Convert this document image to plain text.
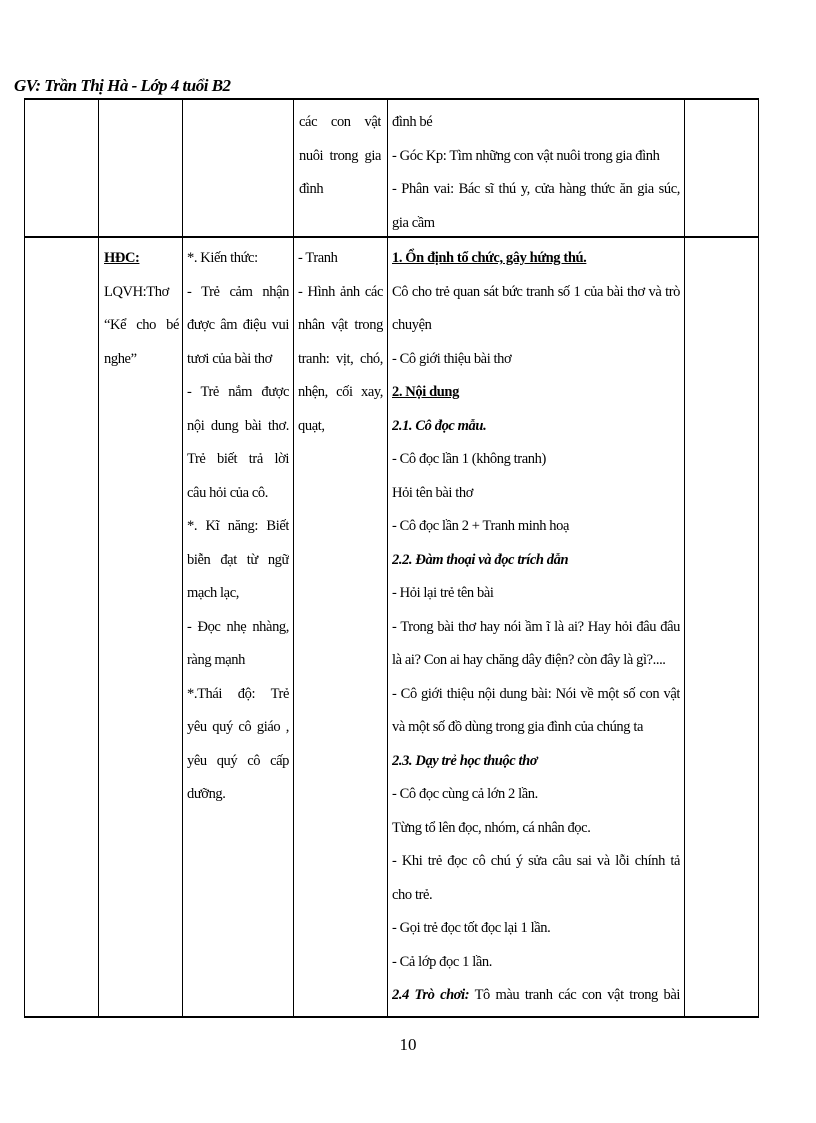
GV: Trần Thị Hà - Lớp 4 tuổi B2
các con vật
nuôi trong gia
đình
đình bé
- Góc Kp: Tìm những con vật nuôi trong gia đình
- Phân vai: Bác sĩ thú y, cửa hàng thức ăn gia súc,
gia cầm
HĐC:
LQVH:Thơ
“Kể cho bé
nghe”
*. Kiến thức:
- Trẻ cảm nhận
được âm điệu vui
tươi của bài thơ
- Trẻ nắm được
nội dung bài thơ.
Trẻ biết trả lời
câu hỏi của cô.
*. Kĩ năng: Biết
biễn đạt từ ngữ
mạch lạc,
- Đọc nhẹ nhàng,
ràng mạnh
*.Thái độ: Trẻ
yêu quý cô giáo ,
yêu quý cô cấp
dưỡng.
- Tranh
- Hình ảnh các
nhân vật trong
tranh: vịt, chó,
nhện, cối xay,
quạt,
1. Ổn định tổ chức, gây hứng thú.
Cô cho trẻ quan sát bức tranh số 1 của bài thơ và trò
chuyện
- Cô giới thiệu bài thơ
2. Nội dung
2.1. Cô đọc mẫu.
- Cô đọc lần 1 (không tranh)
Hỏi tên bài thơ
- Cô đọc lần 2 + Tranh minh hoạ
2.2. Đàm thoại và đọc trích dẫn
- Hỏi lại trẻ tên bài
- Trong bài thơ hay nói ầm ĩ là ai? Hay hỏi đâu đâu
là ai? Con ai hay chăng dây điện? còn đây là gì?....
- Cô giới thiệu nội dung bài: Nói về một số con vật
và một số đồ dùng trong gia đình của chúng ta
2.3. Dạy trẻ học thuộc thơ
- Cô đọc cùng cả lớn 2 lần.
Từng tổ lên đọc, nhóm, cá nhân đọc.
- Khi trẻ đọc cô chú ý sửa câu sai và lỗi chính tả
cho trẻ.
- Gọi trẻ đọc tốt đọc lại 1 lần.
- Cả lớp đọc 1 lần.
2.4 Trò chơi: Tô màu tranh các con vật trong bài
10
